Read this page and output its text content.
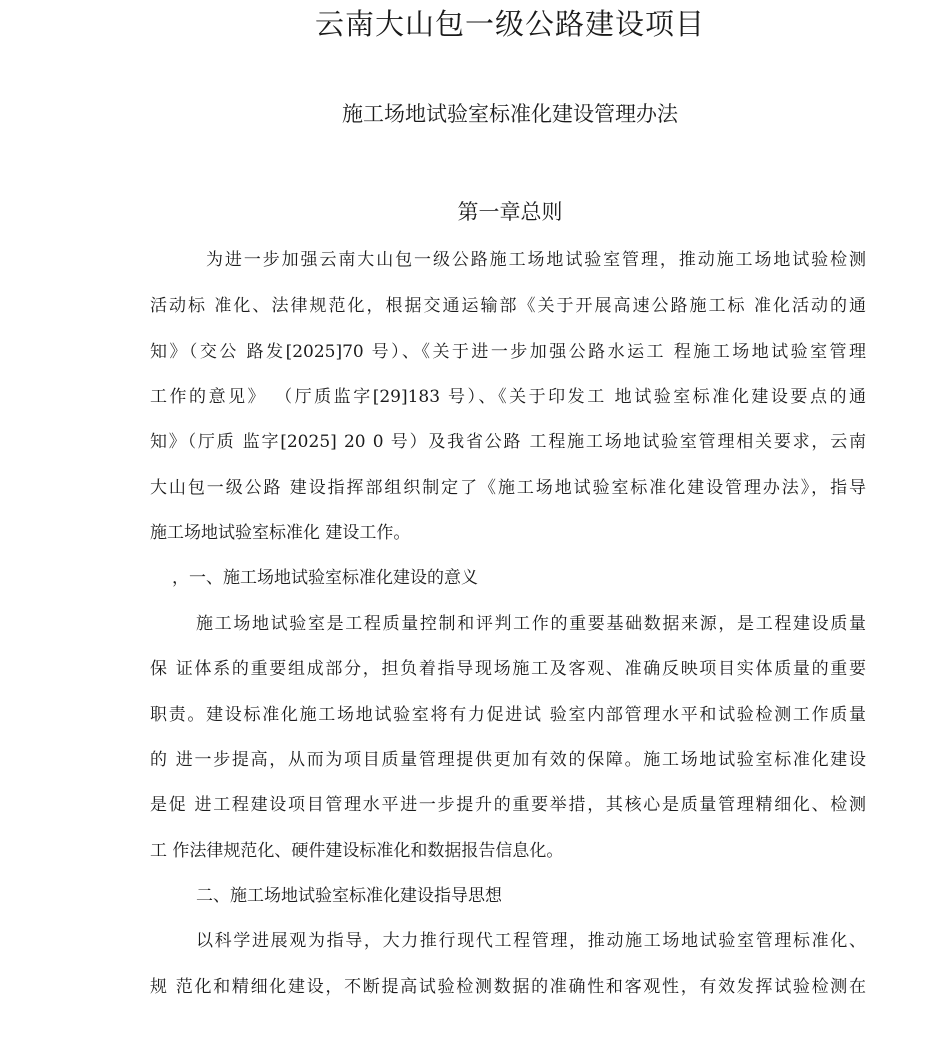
云南大山包一级公路建设项目
施工场地试验室标准化建设管理办法
第一章总则
为进一步加强云南大山包一级公路施工场地试验室管理，推动施工场地试验检测
活动标 准化、法律规范化，根据交通运输部《关于开展高速公路施工标 准化活动的通
知》（交公 路发[2025]70 号）、《关于进一步加强公路水运工 程施工场地试验室管理
工作的意见》 （厅质监字[29]183 号）、《关于印发工 地试验室标准化建设要点的通
知》（厅质 监字[2025] 20 0 号）及我省公路 工程施工场地试验室管理相关要求，云南
大山包一级公路 建设指挥部组织制定了《施工场地试验室标准化建设管理办法》，指导
施工场地试验室标准化 建设工作。
，一、施工场地试验室标准化建设的意义
施工场地试验室是工程质量控制和评判工作的重要基础数据来源，是工程建设质量
保 证体系的重要组成部分，担负着指导现场施工及客观、准确反映项目实体质量的重要
职责。建设标准化施工场地试验室将有力促进试 验室内部管理水平和试验检测工作质量
的 进一步提高，从而为项目质量管理提供更加有效的保障。施工场地试验室标准化建设
是促 进工程建设项目管理水平进一步提升的重要举措，其核心是质量管理精细化、检测
工 作法律规范化、硬件建设标准化和数据报告信息化。
二、施工场地试验室标准化建设指导思想
以科学进展观为指导，大力推行现代工程管理，推动施工场地试验室管理标准化、
规 范化和精细化建设，不断提高试验检测数据的准确性和客观性，有效发挥试验检测在
